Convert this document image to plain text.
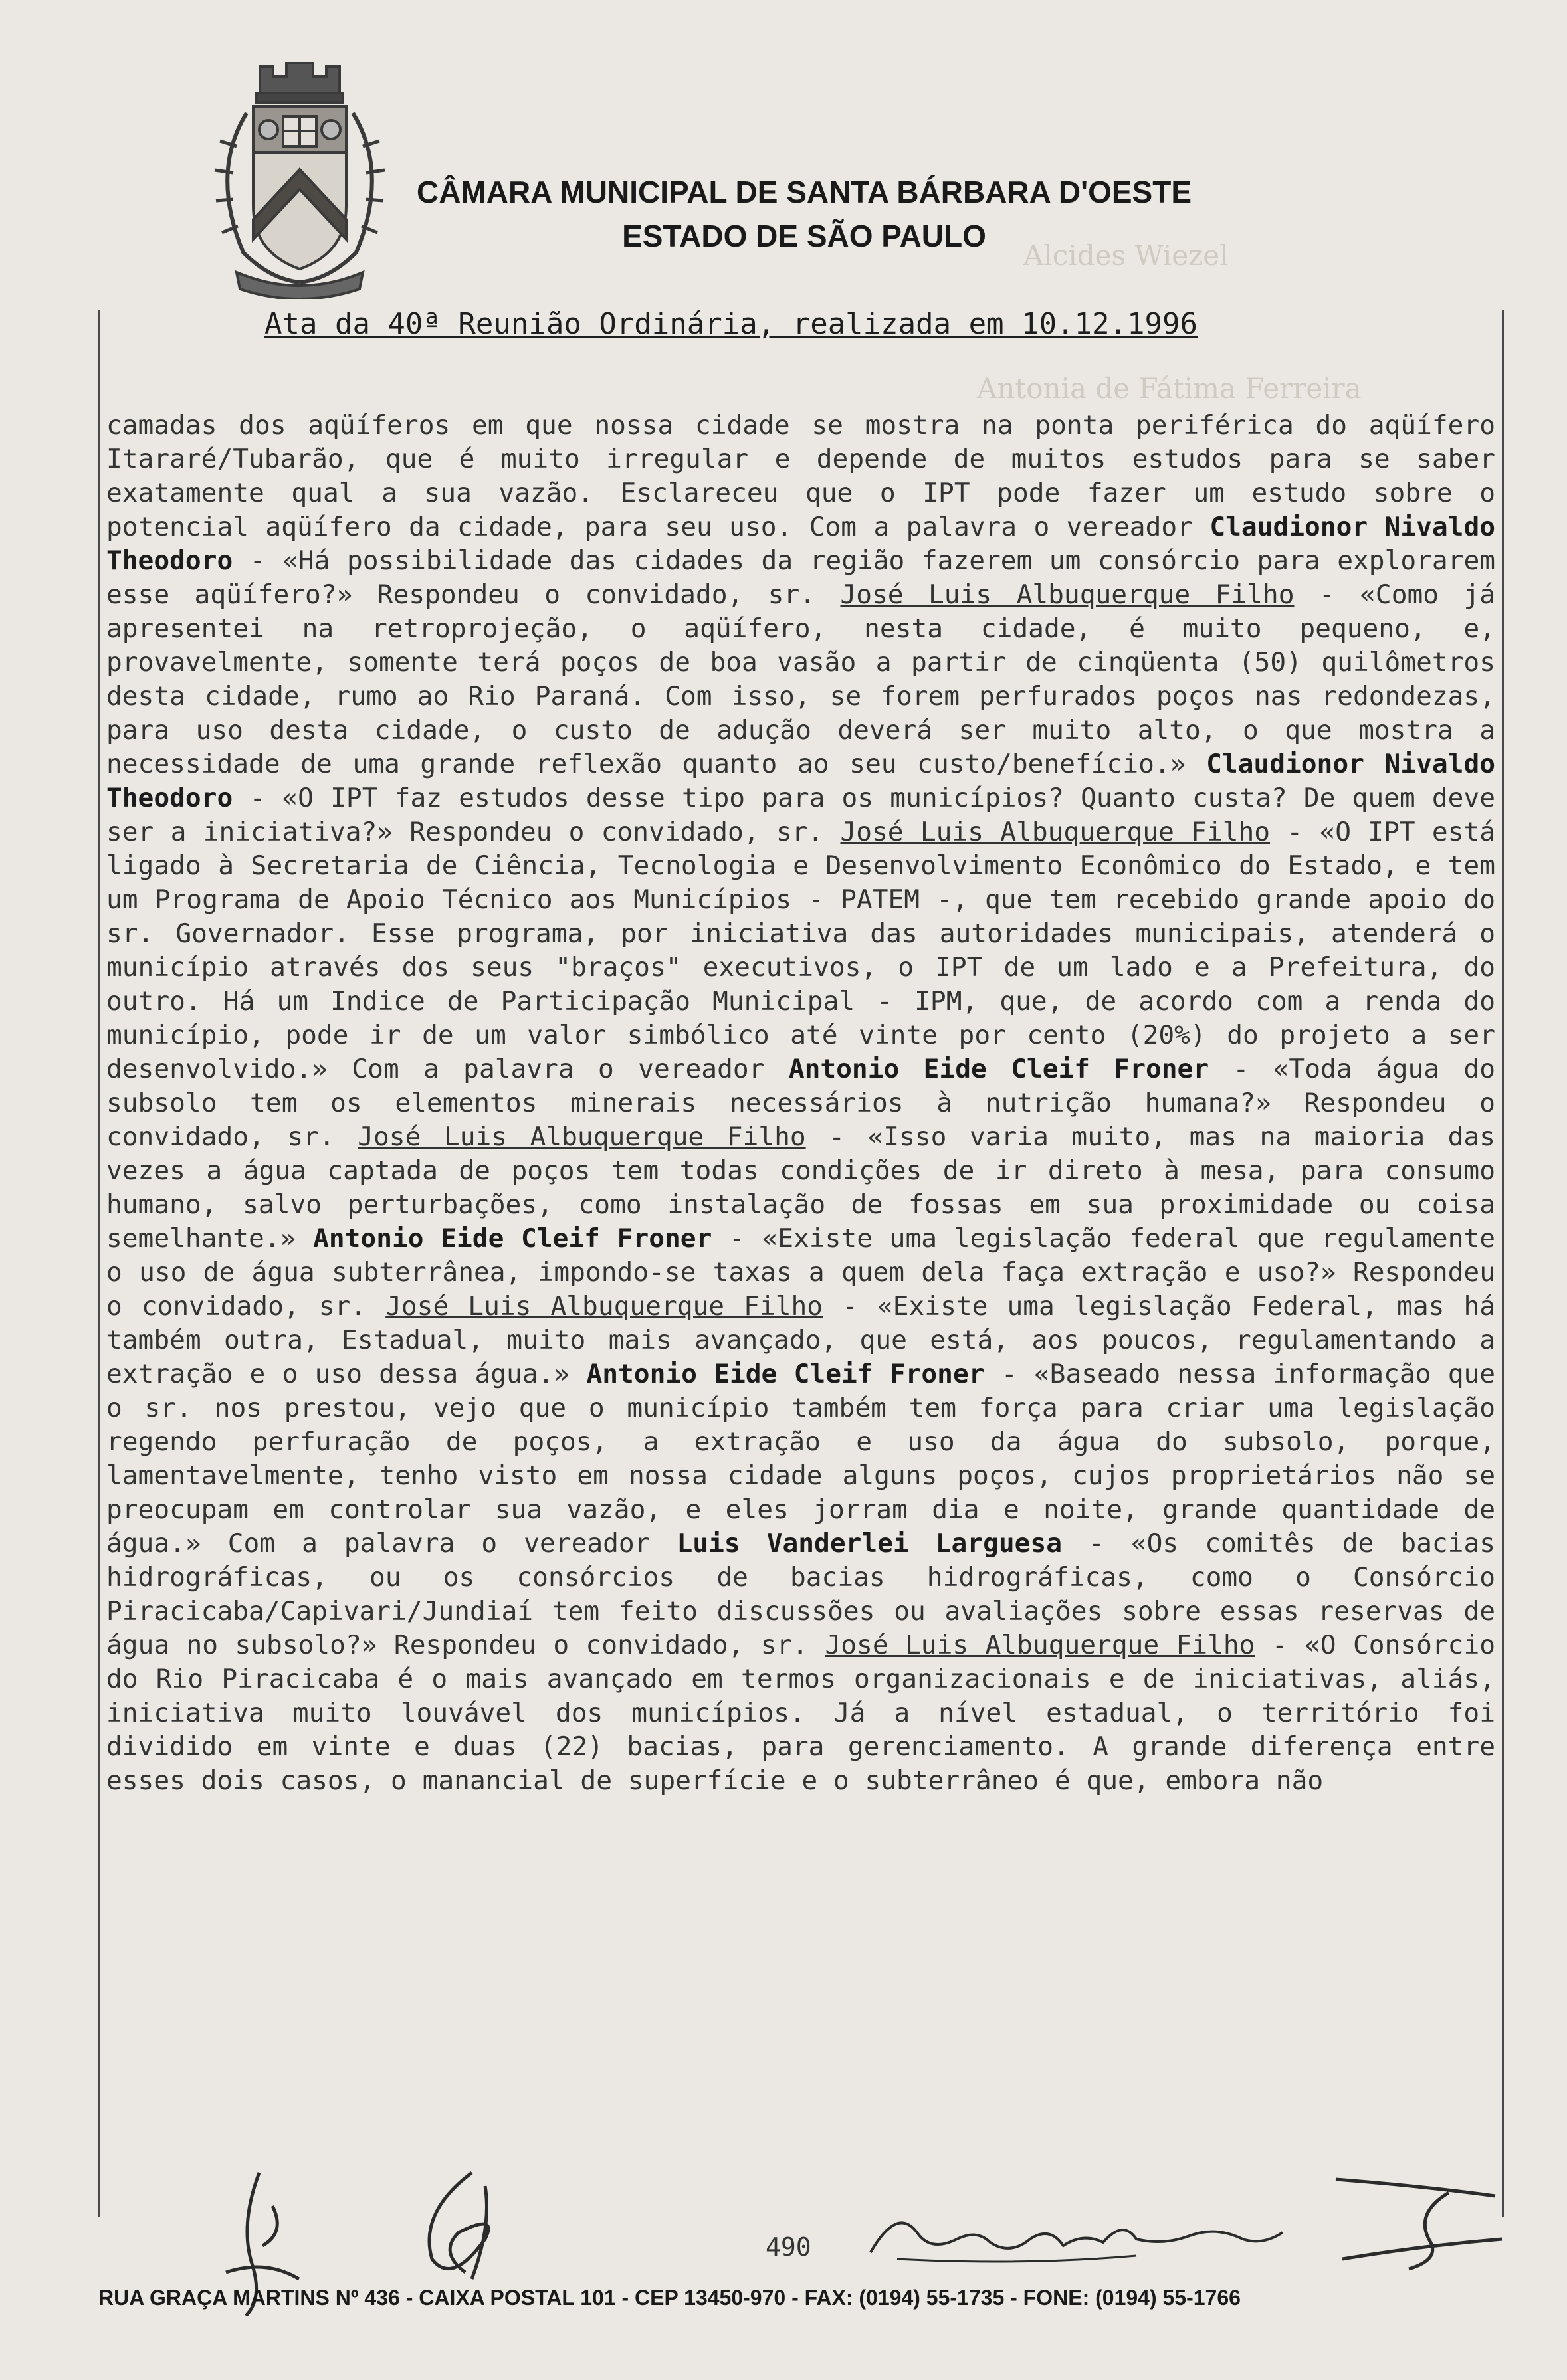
CÂMARA MUNICIPAL DE SANTA BÁRBARA D'OESTE
ESTADO DE SÃO PAULO
Alcides Wiezel
Antonia de Fátima Ferreira
Ata da 40ª Reunião Ordinária, realizada em 10.12.1996
camadas dos aqüíferos em que nossa cidade se mostra na ponta periférica do aqüífero Itararé/Tubarão, que é muito irregular e depende de muitos estudos para se saber exatamente qual a sua vazão. Esclareceu que o IPT pode fazer um estudo sobre o potencial aqüífero da cidade, para seu uso. Com a palavra o vereador Claudionor Nivaldo Theodoro - «Há possibilidade das cidades da região fazerem um consórcio para explorarem esse aqüífero?» Respondeu o convidado, sr. José Luis Albuquerque Filho - «Como já apresentei na retroprojeção, o aqüífero, nesta cidade, é muito pequeno, e, provavelmente, somente terá poços de boa vasão a partir de cinqüenta (50) quilômetros desta cidade, rumo ao Rio Paraná. Com isso, se forem perfurados poços nas redondezas, para uso desta cidade, o custo de adução deverá ser muito alto, o que mostra a necessidade de uma grande reflexão quanto ao seu custo/benefício.» Claudionor Nivaldo Theodoro - «O IPT faz estudos desse tipo para os municípios? Quanto custa? De quem deve ser a iniciativa?» Respondeu o convidado, sr. José Luis Albuquerque Filho - «O IPT está ligado à Secretaria de Ciência, Tecnologia e Desenvolvimento Econômico do Estado, e tem um Programa de Apoio Técnico aos Municípios - PATEM -, que tem recebido grande apoio do sr. Governador. Esse programa, por iniciativa das autoridades municipais, atenderá o município através dos seus "braços" executivos, o IPT de um lado e a Prefeitura, do outro. Há um Indice de Participação Municipal - IPM, que, de acordo com a renda do município, pode ir de um valor simbólico até vinte por cento (20%) do projeto a ser desenvolvido.» Com a palavra o vereador Antonio Eide Cleif Froner - «Toda água do subsolo tem os elementos minerais necessários à nutrição humana?» Respondeu o convidado, sr. José Luis Albuquerque Filho - «Isso varia muito, mas na maioria das vezes a água captada de poços tem todas condições de ir direto à mesa, para consumo humano, salvo perturbações, como instalação de fossas em sua proximidade ou coisa semelhante.» Antonio Eide Cleif Froner - «Existe uma legislação federal que regulamente o uso de água subterrânea, impondo-se taxas a quem dela faça extração e uso?» Respondeu o convidado, sr. José Luis Albuquerque Filho - «Existe uma legislação Federal, mas há também outra, Estadual, muito mais avançado, que está, aos poucos, regulamentando a extração e o uso dessa água.» Antonio Eide Cleif Froner - «Baseado nessa informação que o sr. nos prestou, vejo que o município também tem força para criar uma legislação regendo perfuração de poços, a extração e uso da água do subsolo, porque, lamentavelmente, tenho visto em nossa cidade alguns poços, cujos proprietários não se preocupam em controlar sua vazão, e eles jorram dia e noite, grande quantidade de água.» Com a palavra o vereador Luis Vanderlei Larguesa - «Os comitês de bacias hidrográficas, ou os consórcios de bacias hidrográficas, como o Consórcio Piracicaba/Capivari/Jundiaí tem feito discussões ou avaliações sobre essas reservas de água no subsolo?» Respondeu o convidado, sr. José Luis Albuquerque Filho - «O Consórcio do Rio Piracicaba é o mais avançado em termos organizacionais e de iniciativas, aliás, iniciativa muito louvável dos municípios. Já a nível estadual, o território foi dividido em vinte e duas (22) bacias, para gerenciamento. A grande diferença entre esses dois casos, o manancial de superfície e o subterrâneo é que, embora não
490
RUA GRAÇA MARTINS Nº 436 - CAIXA POSTAL 101 - CEP 13450-970 - FAX: (0194) 55-1735 - FONE: (0194) 55-1766
